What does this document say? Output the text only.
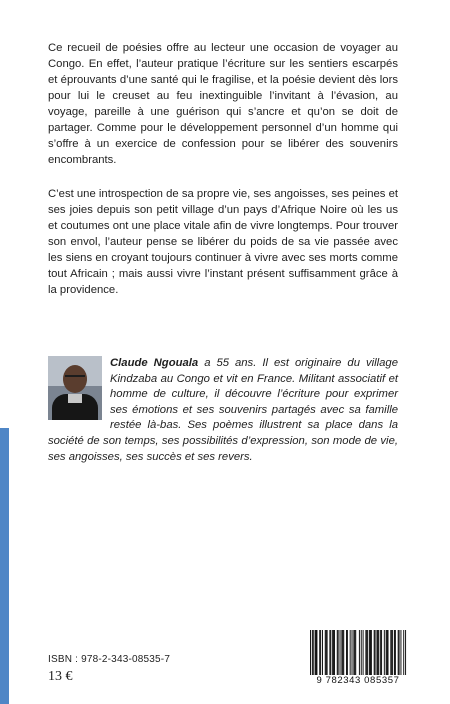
Ce recueil de poésies offre au lecteur une occasion de voyager au Congo. En effet, l’auteur pratique l’écriture sur les sentiers escarpés et éprouvants d’une santé qui le fragilise, et la poésie devient dès lors pour lui le creuset au feu inextinguible l’invitant à l’évasion, au voyage, pareille à une guérison qui s’ancre et qu’on se doit de partager. Comme pour le développement personnel d’un homme qui s’offre à un exercice de confession pour se libérer des souvenirs encombrants.

C’est une introspection de sa propre vie, ses angoisses, ses peines et ses joies depuis son petit village d’un pays d’Afrique Noire où les us et coutumes ont une place vitale afin de vivre longtemps. Pour trouver son envol, l’auteur pense se libérer du poids de sa vie passée avec les siens en croyant toujours continuer à vivre avec ses morts comme tout Africain ; mais aussi vivre l’instant présent suffisamment grâce à la providence.

Claude Ngouala a 55 ans. Il est originaire du village Kindzaba au Congo et vit en France. Militant associatif et homme de culture, il découvre l’écriture pour exprimer ses émotions et ses souvenirs partagés avec sa famille restée là-bas. Ses poèmes illustrent sa place dans la société de son temps, ses possibilités d’expression, son mode de vie, ses angoisses, ses succès et ses revers.
ISBN : 978-2-343-08535-7
13 €	9 782343 085357
